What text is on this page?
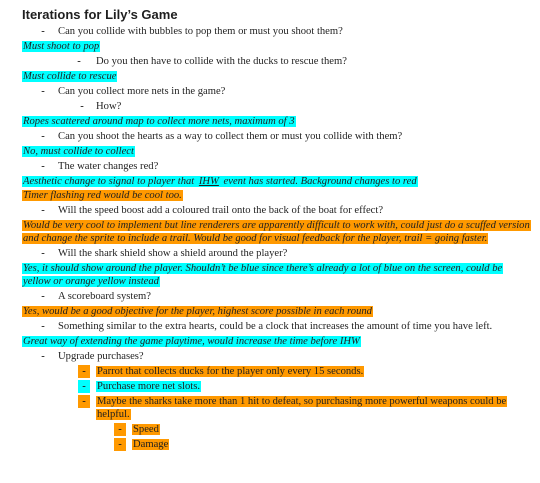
Iterations for Lily’s Game
-	Can you collide with bubbles to pop them or must you shoot them?
Must shoot to pop
-	Do you then have to collide with the ducks to rescue them?
Must collide to rescue
-	Can you collect more nets in the game?
-	How?
Ropes scattered around map to collect more nets, maximum of 3
-	Can you shoot the hearts as a way to collect them or must you collide with them?
No, must collide to collect
-	The water changes red?
Aesthetic change to signal to player that IHW event has started. Background changes to red
Timer flashing red would be cool too.
-	Will the speed boost add a coloured trail onto the back of the boat for effect?
Would be very cool to implement but line renderers are apparently difficult to work with, could just do a scuffed version and change the sprite to include a trail. Would be good for visual feedback for the player, trail = going faster.
-	Will the shark shield show a shield around the player?
Yes, it should show around the player. Shouldn’t be blue since there’s already a lot of blue on the screen, could be yellow or orange yellow instead
-	A scoreboard system?
Yes, would be a good objective for the player, highest score possible in each round
-	Something similar to the extra hearts, could be a clock that increases the amount of time you have left.
Great way of extending the game playtime, would increase the time before IHW
-	Upgrade purchases?
-	Parrot that collects ducks for the player only every 15 seconds.
-	Purchase more net slots.
-	Maybe the sharks take more than 1 hit to defeat, so purchasing more powerful weapons could be helpful.
-	Speed
-	Damage
